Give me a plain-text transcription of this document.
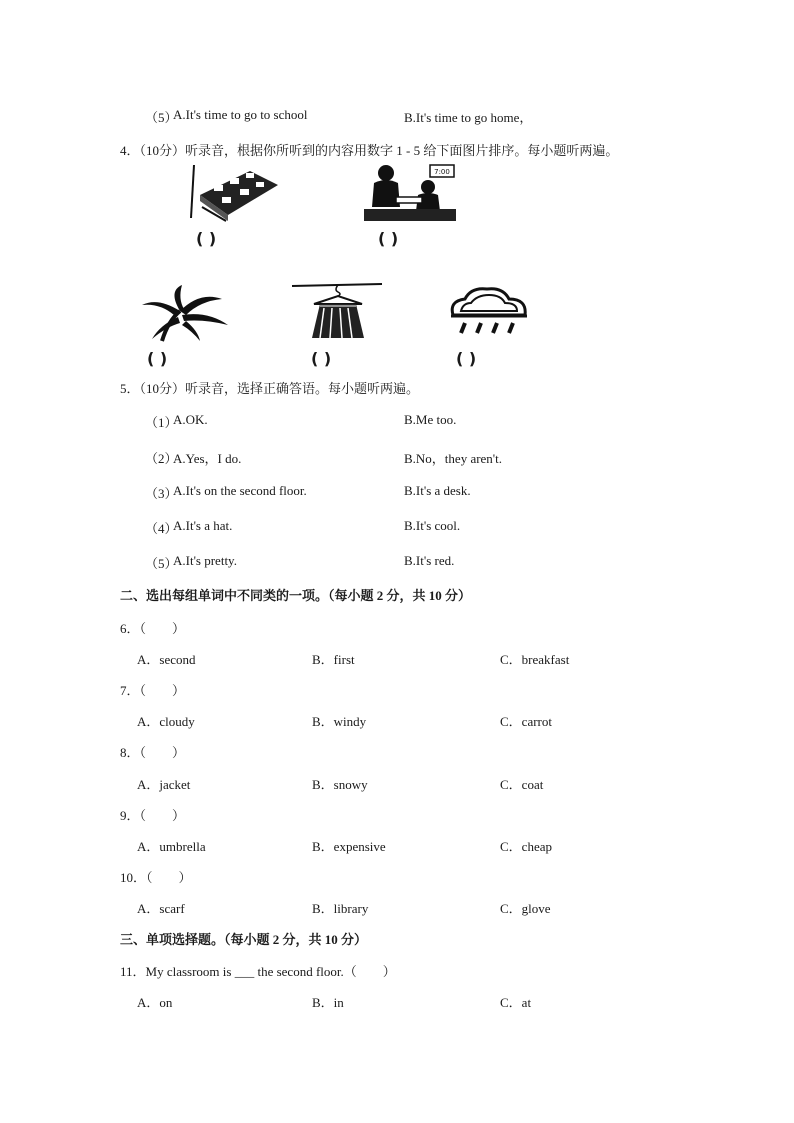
（5）
A.It's time to go to school	B.It's time to go home，
4．（10分）听录音，根据你所听到的内容用数字 1 - 5 给下面图片排序。每小题听两遍。
( )
7:00
( )
( )	( )	( )
5．（10分）听录音，选择正确答语。每小题听两遍。
（1）
A.OK.	B.Me too.
（2）
A.Yes，I do.	B.No，they aren't.
（3）
A.It's on the second floor.	B.It's a desk.
（4）
A.It's a hat.	B.It's cool.
（5）
A.It's pretty.	B.It's red.
二、选出每组单词中不同类的一项。（每小题 2 分，共 10 分）
6．（　　）
A．second	B．first	C．breakfast
7．（　　）
A．cloudy	B．windy	C．carrot
8．（　　）
A．jacket	B．snowy	C．coat
9．（　　）
A．umbrella	B．expensive	C．cheap
10．（　　）
A．scarf	B．library	C．glove
三、单项选择题。（每小题 2 分，共 10 分）
11．My classroom is ___ the second floor.（　　）
A．on	B．in	C．at
